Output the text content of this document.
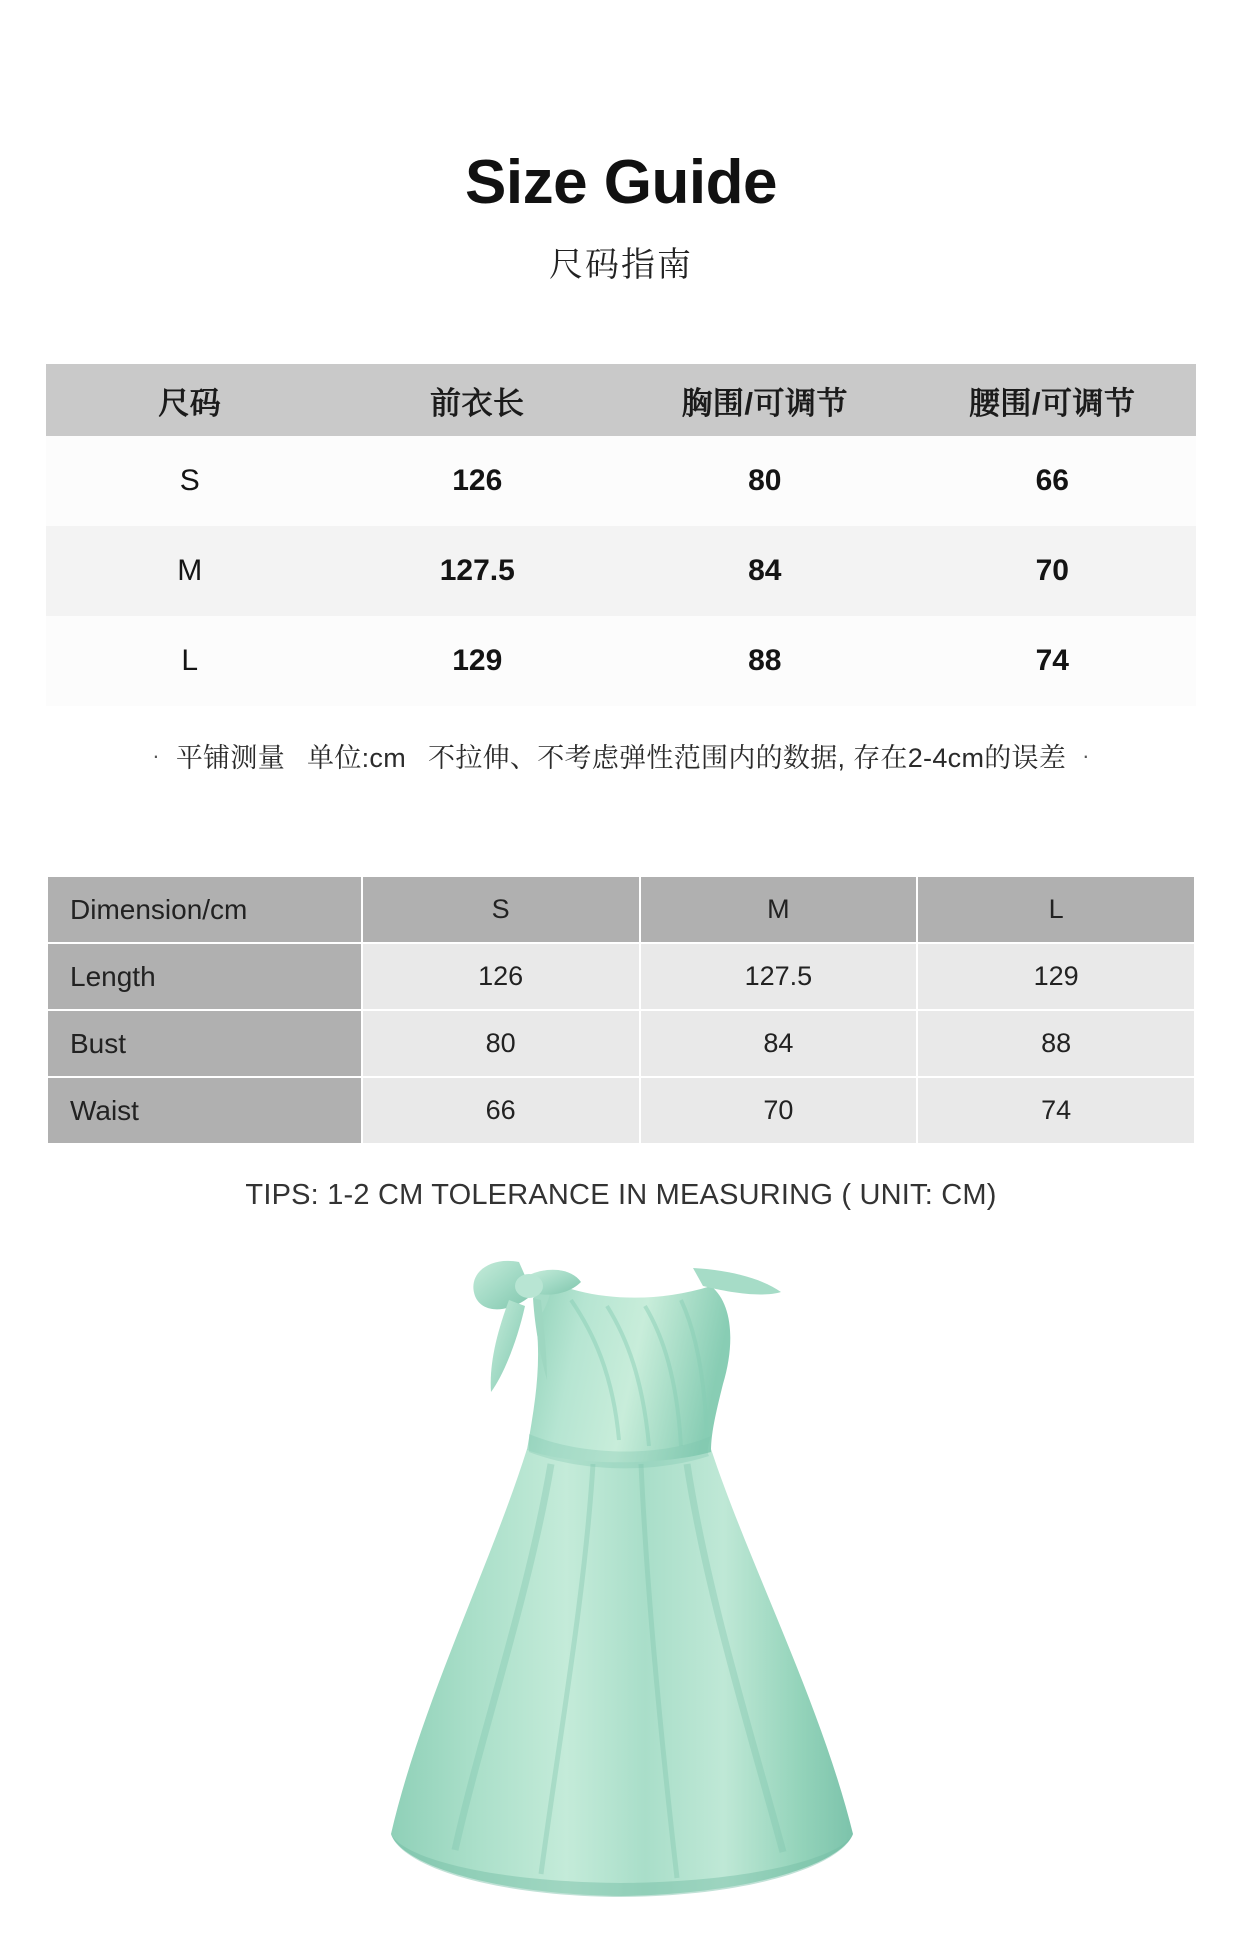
Size Guide
尺码指南
尺码	前衣长	胸围/可调节	腰围/可调节
S	126	80	66
M	127.5	84	70
L	129	88	74
· 平铺测量 单位:cm 不拉伸、不考虑弹性范围内的数据, 存在2-4cm的误差 ·
Dimension/cm	S	M	L
Length	126	127.5	129
Bust	80	84	88
Waist	66	70	74
TIPS: 1-2 CM TOLERANCE IN MEASURING ( UNIT: CM)
